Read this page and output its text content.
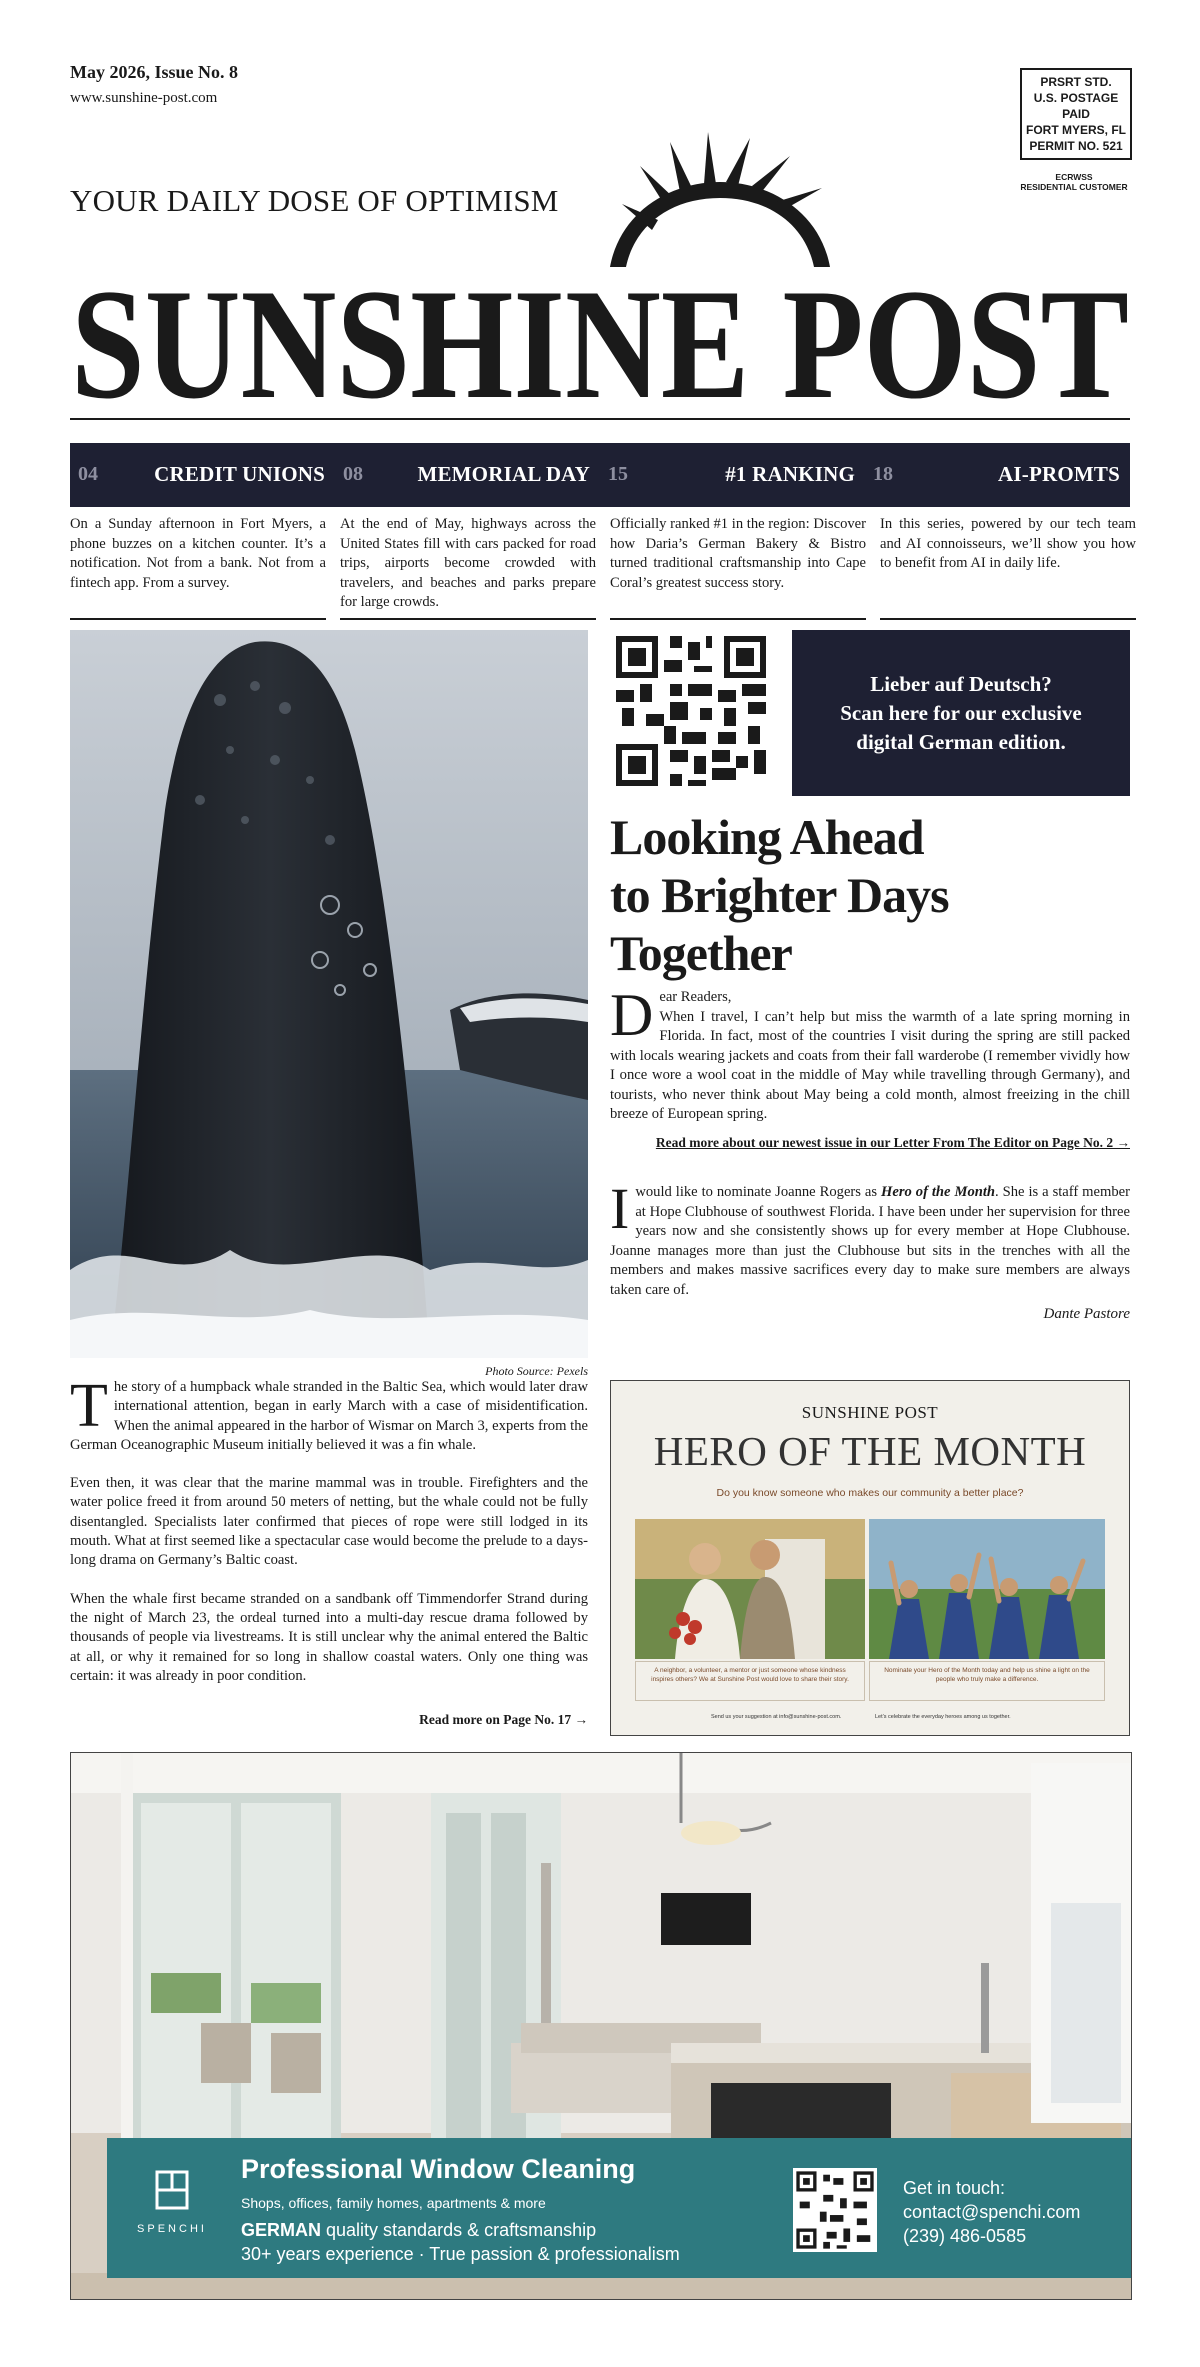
May 2026, Issue No. 8
www.sunshine-post.com
PRSRT STD.
U.S. POSTAGE
PAID
FORT MYERS, FL
PERMIT NO. 521
ECRWSS
RESIDENTIAL CUSTOMER
YOUR DAILY DOSE OF OPTIMISM
SUNSHINE POST
04	CREDIT UNIONS 08	MEMORIAL DAY 15	#1 RANKING 18	AI-PROMTS
On a Sunday afternoon in Fort Myers, a phone buzzes on a kitchen counter. It’s a notification. Not from a bank. Not from a fintech app. From a survey.
At the end of May, highways across the United States fill with cars packed for road trips, airports become crowded with travelers, and beaches and parks prepare for large crowds.
Officially ranked #1 in the region: Discover how Daria’s German Bakery & Bistro turned traditional craftsmanship into Cape Coral’s greatest success story.
In this series, powered by our tech team and AI connoisseurs, we’ll show you how to benefit from AI in daily life.
Photo Source: Pexels

The story of a humpback whale stranded in the Baltic Sea, which would later draw international attention, began in early March with a case of misidentification. When the animal appeared in the harbor of Wismar on March 3, experts from the German Oceanographic Museum initially believed it was a fin whale.

Even then, it was clear that the marine mammal was in trouble. Firefighters and the water police freed it from around 50 meters of netting, but the whale could not be fully disentangled. Specialists later confirmed that pieces of rope were still lodged in its mouth. What at first seemed like a spectacular case would become the prelude to a days-long drama on Germany’s Baltic coast.

When the whale first became stranded on a sandbank off Timmendorfer Strand during the night of March 23, the ordeal turned into a multi-day rescue drama followed by thousands of people via livestreams. It is still unclear why the animal entered the Baltic at all, or why it remained for so long in shallow coastal waters. Only one thing was certain: it was already in poor condition.

Read more on Page No. 17 →
Lieber auf Deutsch?
Scan here for our exclusive
digital German edition.
Looking Ahead
to Brighter Days
Together
D ear Readers,
When I travel, I can’t help but miss the warmth of a late spring morning in Florida. In fact, most of the countries I visit during the spring are still packed with locals wearing jackets and coats from their fall warderobe (I remember vividly how I once wore a wool coat in the middle of May while travelling through Germany), and tourists, who never think about May being a cold month, almost freeizing in the chill breeze of European spring.
Read more about our newest issue in our Letter From The Editor on Page No. 2 →
I would like to nominate Joanne Rogers as Hero of the Month. She is a staff member at Hope Clubhouse of southwest Florida. I have been under her supervision for three years now and she consistently shows up for every member at Hope Clubhouse. Joanne manages more than just the Clubhouse but sits in the trenches with all the members and makes massive sacrifices every day to make sure members are always taken care of.
Dante Pastore
SUNSHINE POST
HERO OF THE MONTH
Do you know someone who makes our community a better place?
A neighbor, a volunteer, a mentor or just someone whose kindness inspires others? We at Sunshine Post would love to share their story.
Nominate your Hero of the Month today and help us shine a light on the people who truly make a difference.
Send us your suggestion at info@sunshine-post.com.	Let’s celebrate the everyday heroes among us together.
SPENCHI
Professional Window Cleaning
Shops, offices, family homes, apartments & more
GERMAN quality standards & craftsmanship
30+ years experience · True passion & professionalism
Get in touch:
contact@spenchi.com
(239) 486-0585
